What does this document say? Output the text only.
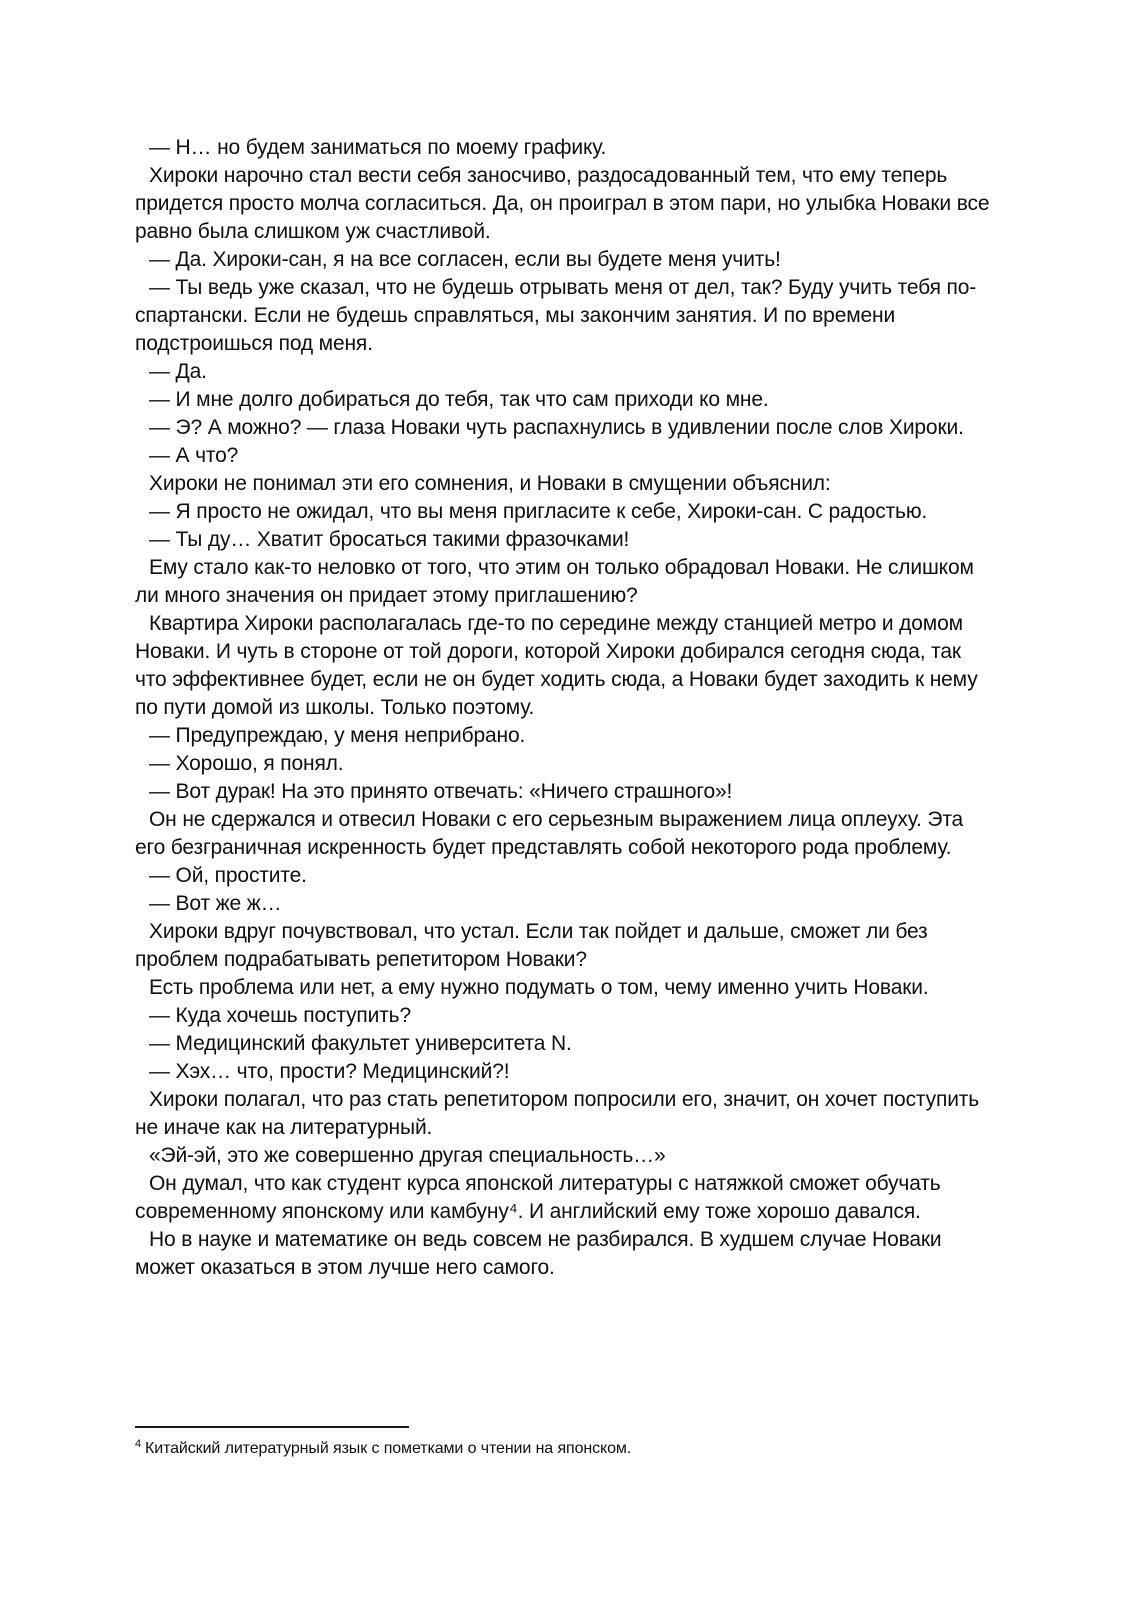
— Н… но будем заниматься по моему графику.

Хироки нарочно стал вести себя заносчиво, раздосадованный тем, что ему теперь придется просто молча согласиться. Да, он проиграл в этом пари, но улыбка Новаки все равно была слишком уж счастливой.

— Да. Хироки-сан, я на все согласен, если вы будете меня учить!

— Ты ведь уже сказал, что не будешь отрывать меня от дел, так? Буду учить тебя по-спартански. Если не будешь справляться, мы закончим занятия. И по времени подстроишься под меня.

— Да.

— И мне долго добираться до тебя, так что сам приходи ко мне.

— Э? А можно? — глаза Новаки чуть распахнулись в удивлении после слов Хироки.

— А что?

Хироки не понимал эти его сомнения, и Новаки в смущении объяснил:

— Я просто не ожидал, что вы меня пригласите к себе, Хироки-сан. С радостью.

— Ты ду… Хватит бросаться такими фразочками!

Ему стало как-то неловко от того, что этим он только обрадовал Новаки. Не слишком ли много значения он придает этому приглашению?

Квартира Хироки располагалась где-то по середине между станцией метро и домом Новаки. И чуть в стороне от той дороги, которой Хироки добирался сегодня сюда, так что эффективнее будет, если не он будет ходить сюда, а Новаки будет заходить к нему по пути домой из школы. Только поэтому.

— Предупреждаю, у меня неприбрано.

— Хорошо, я понял.

— Вот дурак! На это принято отвечать: «Ничего страшного»!

Он не сдержался и отвесил Новаки с его серьезным выражением лица оплеуху. Эта его безграничная искренность будет представлять собой некоторого рода проблему.

— Ой, простите.

— Вот же ж…

Хироки вдруг почувствовал, что устал. Если так пойдет и дальше, сможет ли без проблем подрабатывать репетитором Новаки?

Есть проблема или нет, а ему нужно подумать о том, чему именно учить Новаки.

— Куда хочешь поступить?

— Медицинский факультет университета N.

— Хэх… что, прости? Медицинский?!

Хироки полагал, что раз стать репетитором попросили его, значит, он хочет поступить не иначе как на литературный.

«Эй-эй, это же совершенно другая специальность…»

Он думал, что как студент курса японской литературы с натяжкой сможет обучать современному японскому или камбуну⁴. И английский ему тоже хорошо давался.

Но в науке и математике он ведь совсем не разбирался. В худшем случае Новаки может оказаться в этом лучше него самого.

$^4$ Китайский литературный язык с пометками о чтении на японском.
